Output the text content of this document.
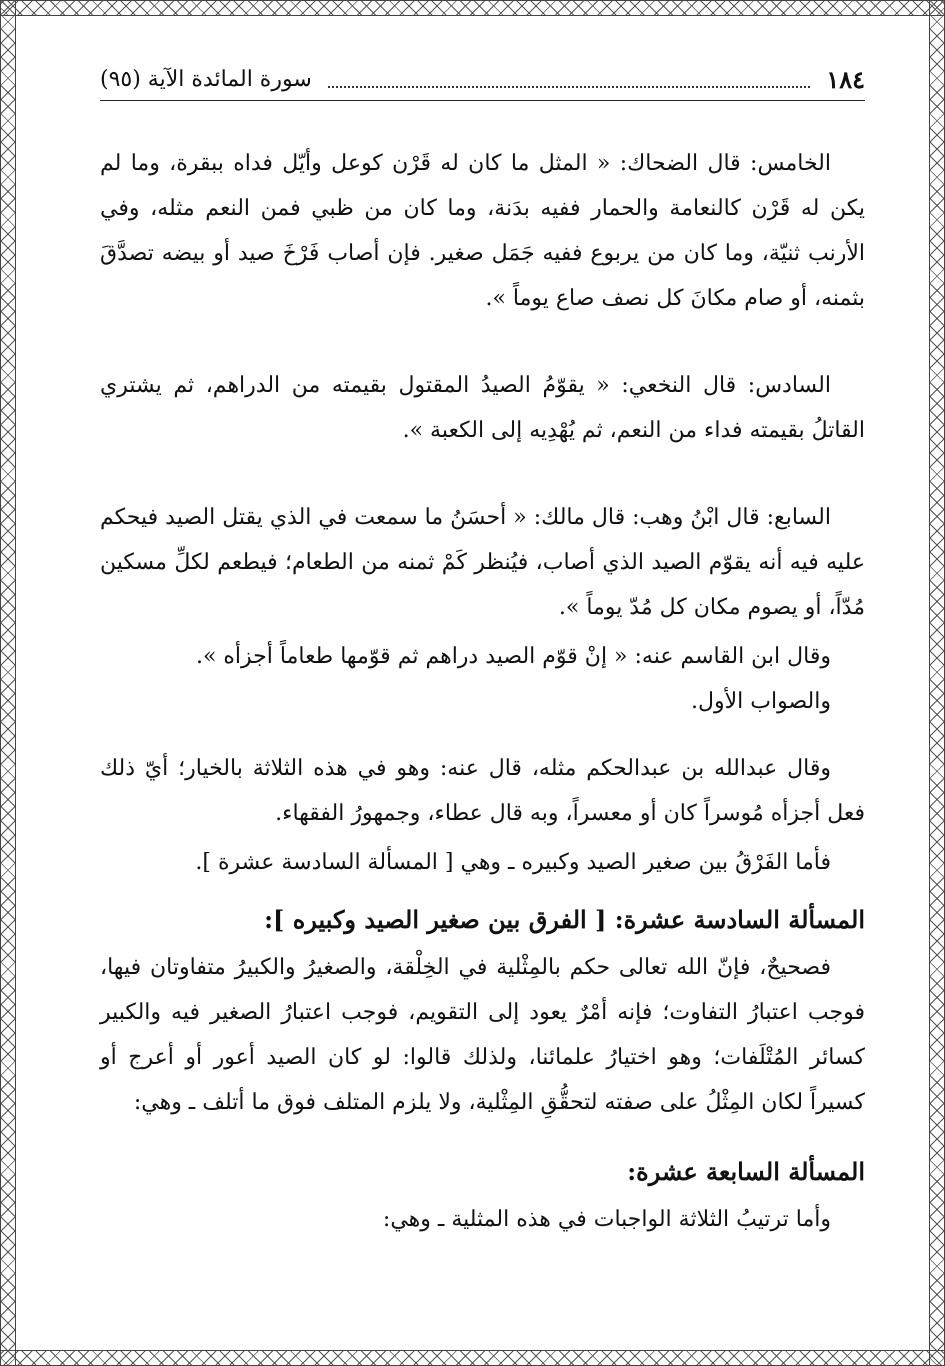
١٨٤
سورة المائدة الآية (٩٥)

الخامس: قال الضحاك: « المثل ما كان له قَرْن كوعل وأيّل فداه ببقرة، وما لم يكن له قَرْن كالنعامة والحمار ففيه بدَنة، وما كان من ظبي فمن النعم مثله، وفي الأرنب ثنيّة، وما كان من يربوع ففيه جَمَل صغير. فإن أصاب فَرْخَ صيد أو بيضه تصدَّقَ بثمنه، أو صام مكانَ كل نصف صاع يوماً ».

السادس: قال النخعي: « يقوّمُ الصيدُ المقتول بقيمته من الدراهم، ثم يشتري القاتلُ بقيمته فداء من النعم، ثم يُهْدِيه إلى الكعبة ».

السابع: قال ابْنُ وهب: قال مالك: « أحسَنُ ما سمعت في الذي يقتل الصيد فيحكم عليه فيه أنه يقوّم الصيد الذي أصاب، فيُنظر كَمْ ثمنه من الطعام؛ فيطعم لكلِّ مسكين مُدّاً، أو يصوم مكان كل مُدّ يوماً ».

وقال ابن القاسم عنه: « إنْ قوّم الصيد دراهم ثم قوّمها طعاماً أجزأه ».

والصواب الأول.

وقال عبدالله بن عبدالحكم مثله، قال عنه: وهو في هذه الثلاثة بالخيار؛ أيّ ذلك فعل أجزأه مُوسراً كان أو معسراً، وبه قال عطاء، وجمهورُ الفقهاء.

فأما الفَرْقُ بين صغير الصيد وكبيره ـ وهي [ المسألة السادسة عشرة ].

المسألة السادسة عشرة: [ الفرق بين صغير الصيد وكبيره ]:

فصحيحٌ، فإنّ الله تعالى حكم بالمِثْلية في الخِلْقة، والصغيرُ والكبيرُ متفاوتان فيها، فوجب اعتبارُ التفاوت؛ فإنه أمْرٌ يعود إلى التقويم، فوجب اعتبارُ الصغير فيه والكبير كسائر المُتْلَفات؛ وهو اختيارُ علمائنا، ولذلك قالوا: لو كان الصيد أعور أو أعرج أو كسيراً لكان المِثْلُ على صفته لتحقُّقِ المِثْلية، ولا يلزم المتلف فوق ما أتلف ـ وهي:

المسألة السابعة عشرة:

وأما ترتيبُ الثلاثة الواجبات في هذه المثلية ـ وهي:
